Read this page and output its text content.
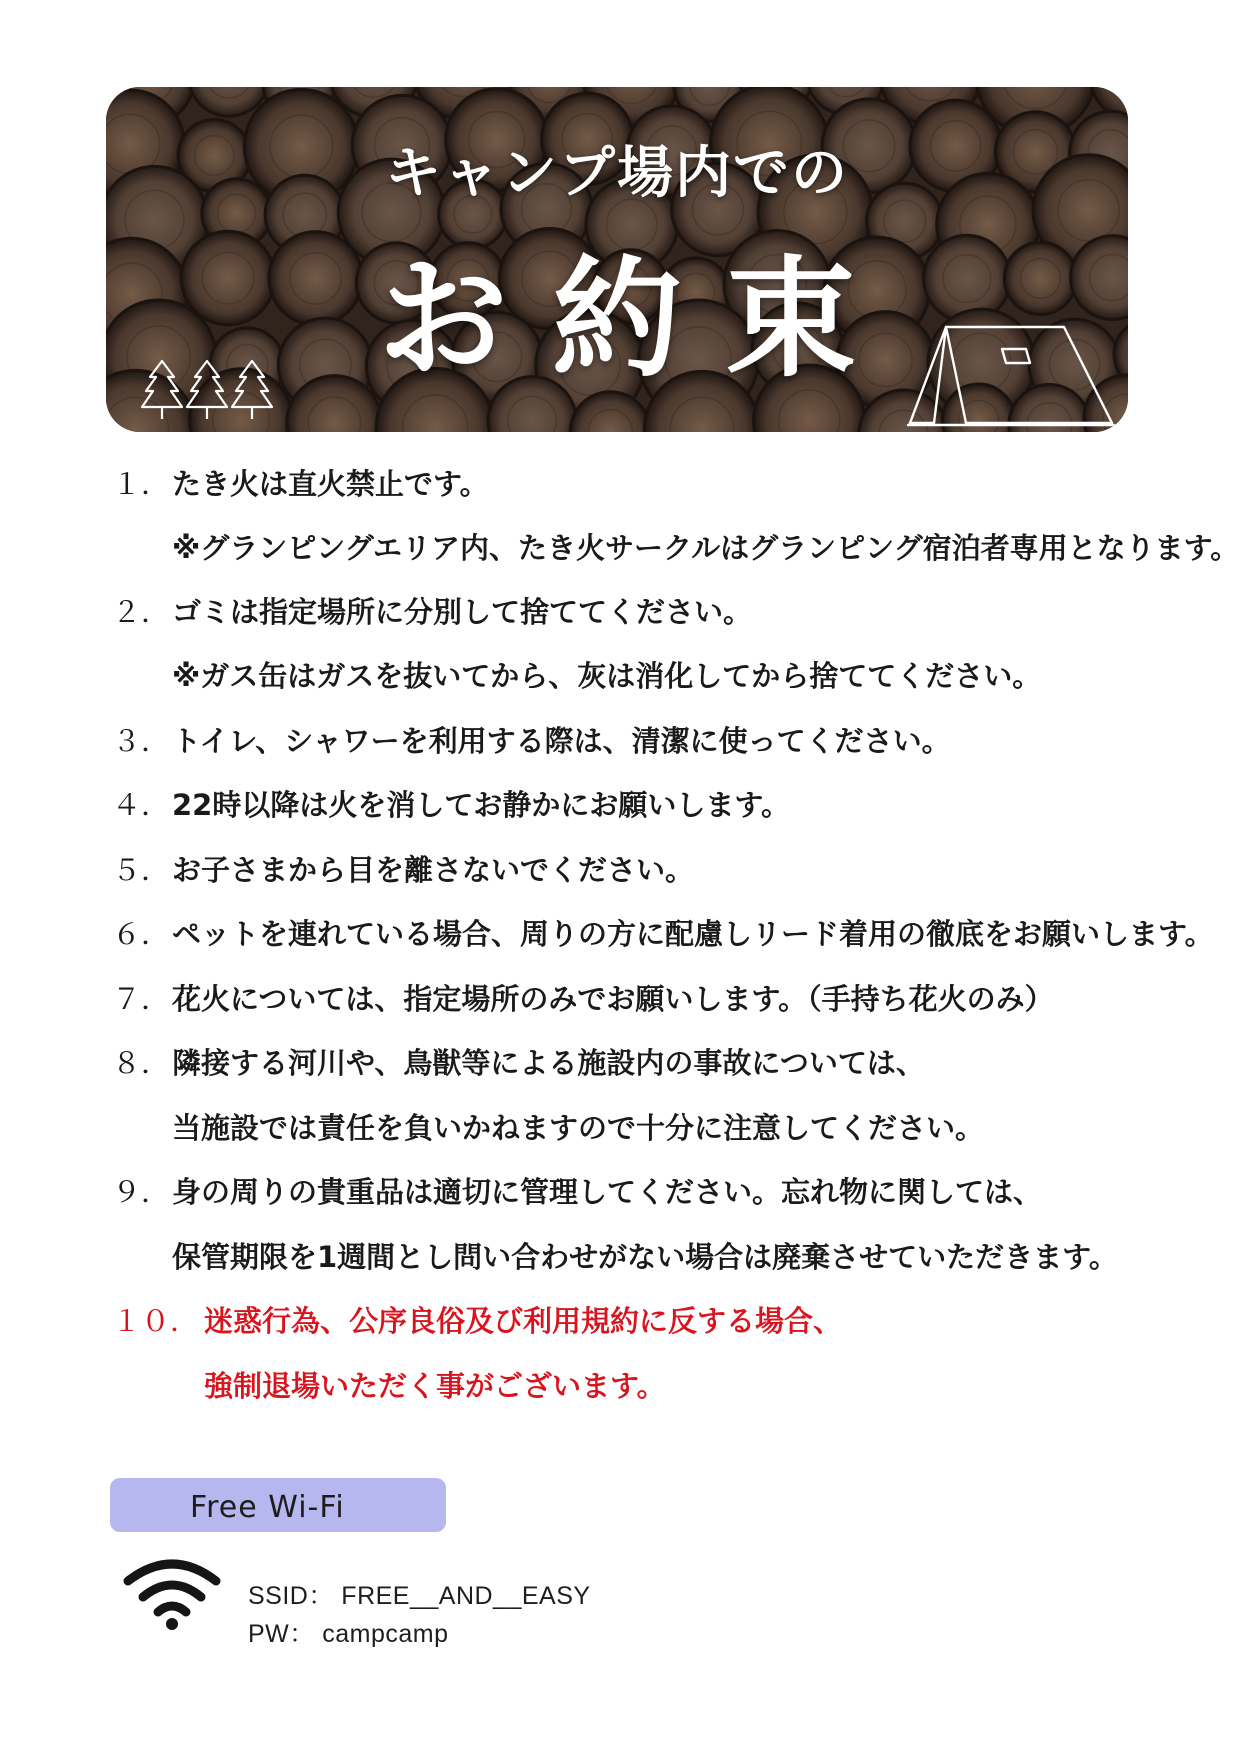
キャンプ場内での
お約束
１．たき火は直火禁止です。
※グランピングエリア内、たき火サークルはグランピング宿泊者専用となります。
２．ゴミは指定場所に分別して捨ててください。
※ガス缶はガスを抜いてから、灰は消化してから捨ててください。
３．トイレ、シャワーを利用する際は、清潔に使ってください。
４．22時以降は火を消してお静かにお願いします。
５．お子さまから目を離さないでください。
６．ペットを連れている場合、周りの方に配慮しリード着用の徹底をお願いします。
７．花火については、指定場所のみでお願いします。（手持ち花火のみ）
８．隣接する河川や、鳥獣等による施設内の事故については、
当施設では責任を負いかねますので十分に注意してください。
９．身の周りの貴重品は適切に管理してください。忘れ物に関しては、
保管期限を1週間とし問い合わせがない場合は廃棄させていただきます。
１０． 迷惑行為、公序良俗及び利用規約に反する場合、
強制退場いただく事がございます。
Free Wi-Fi
SSID： FREE__AND__EASY
PW： campcamp
